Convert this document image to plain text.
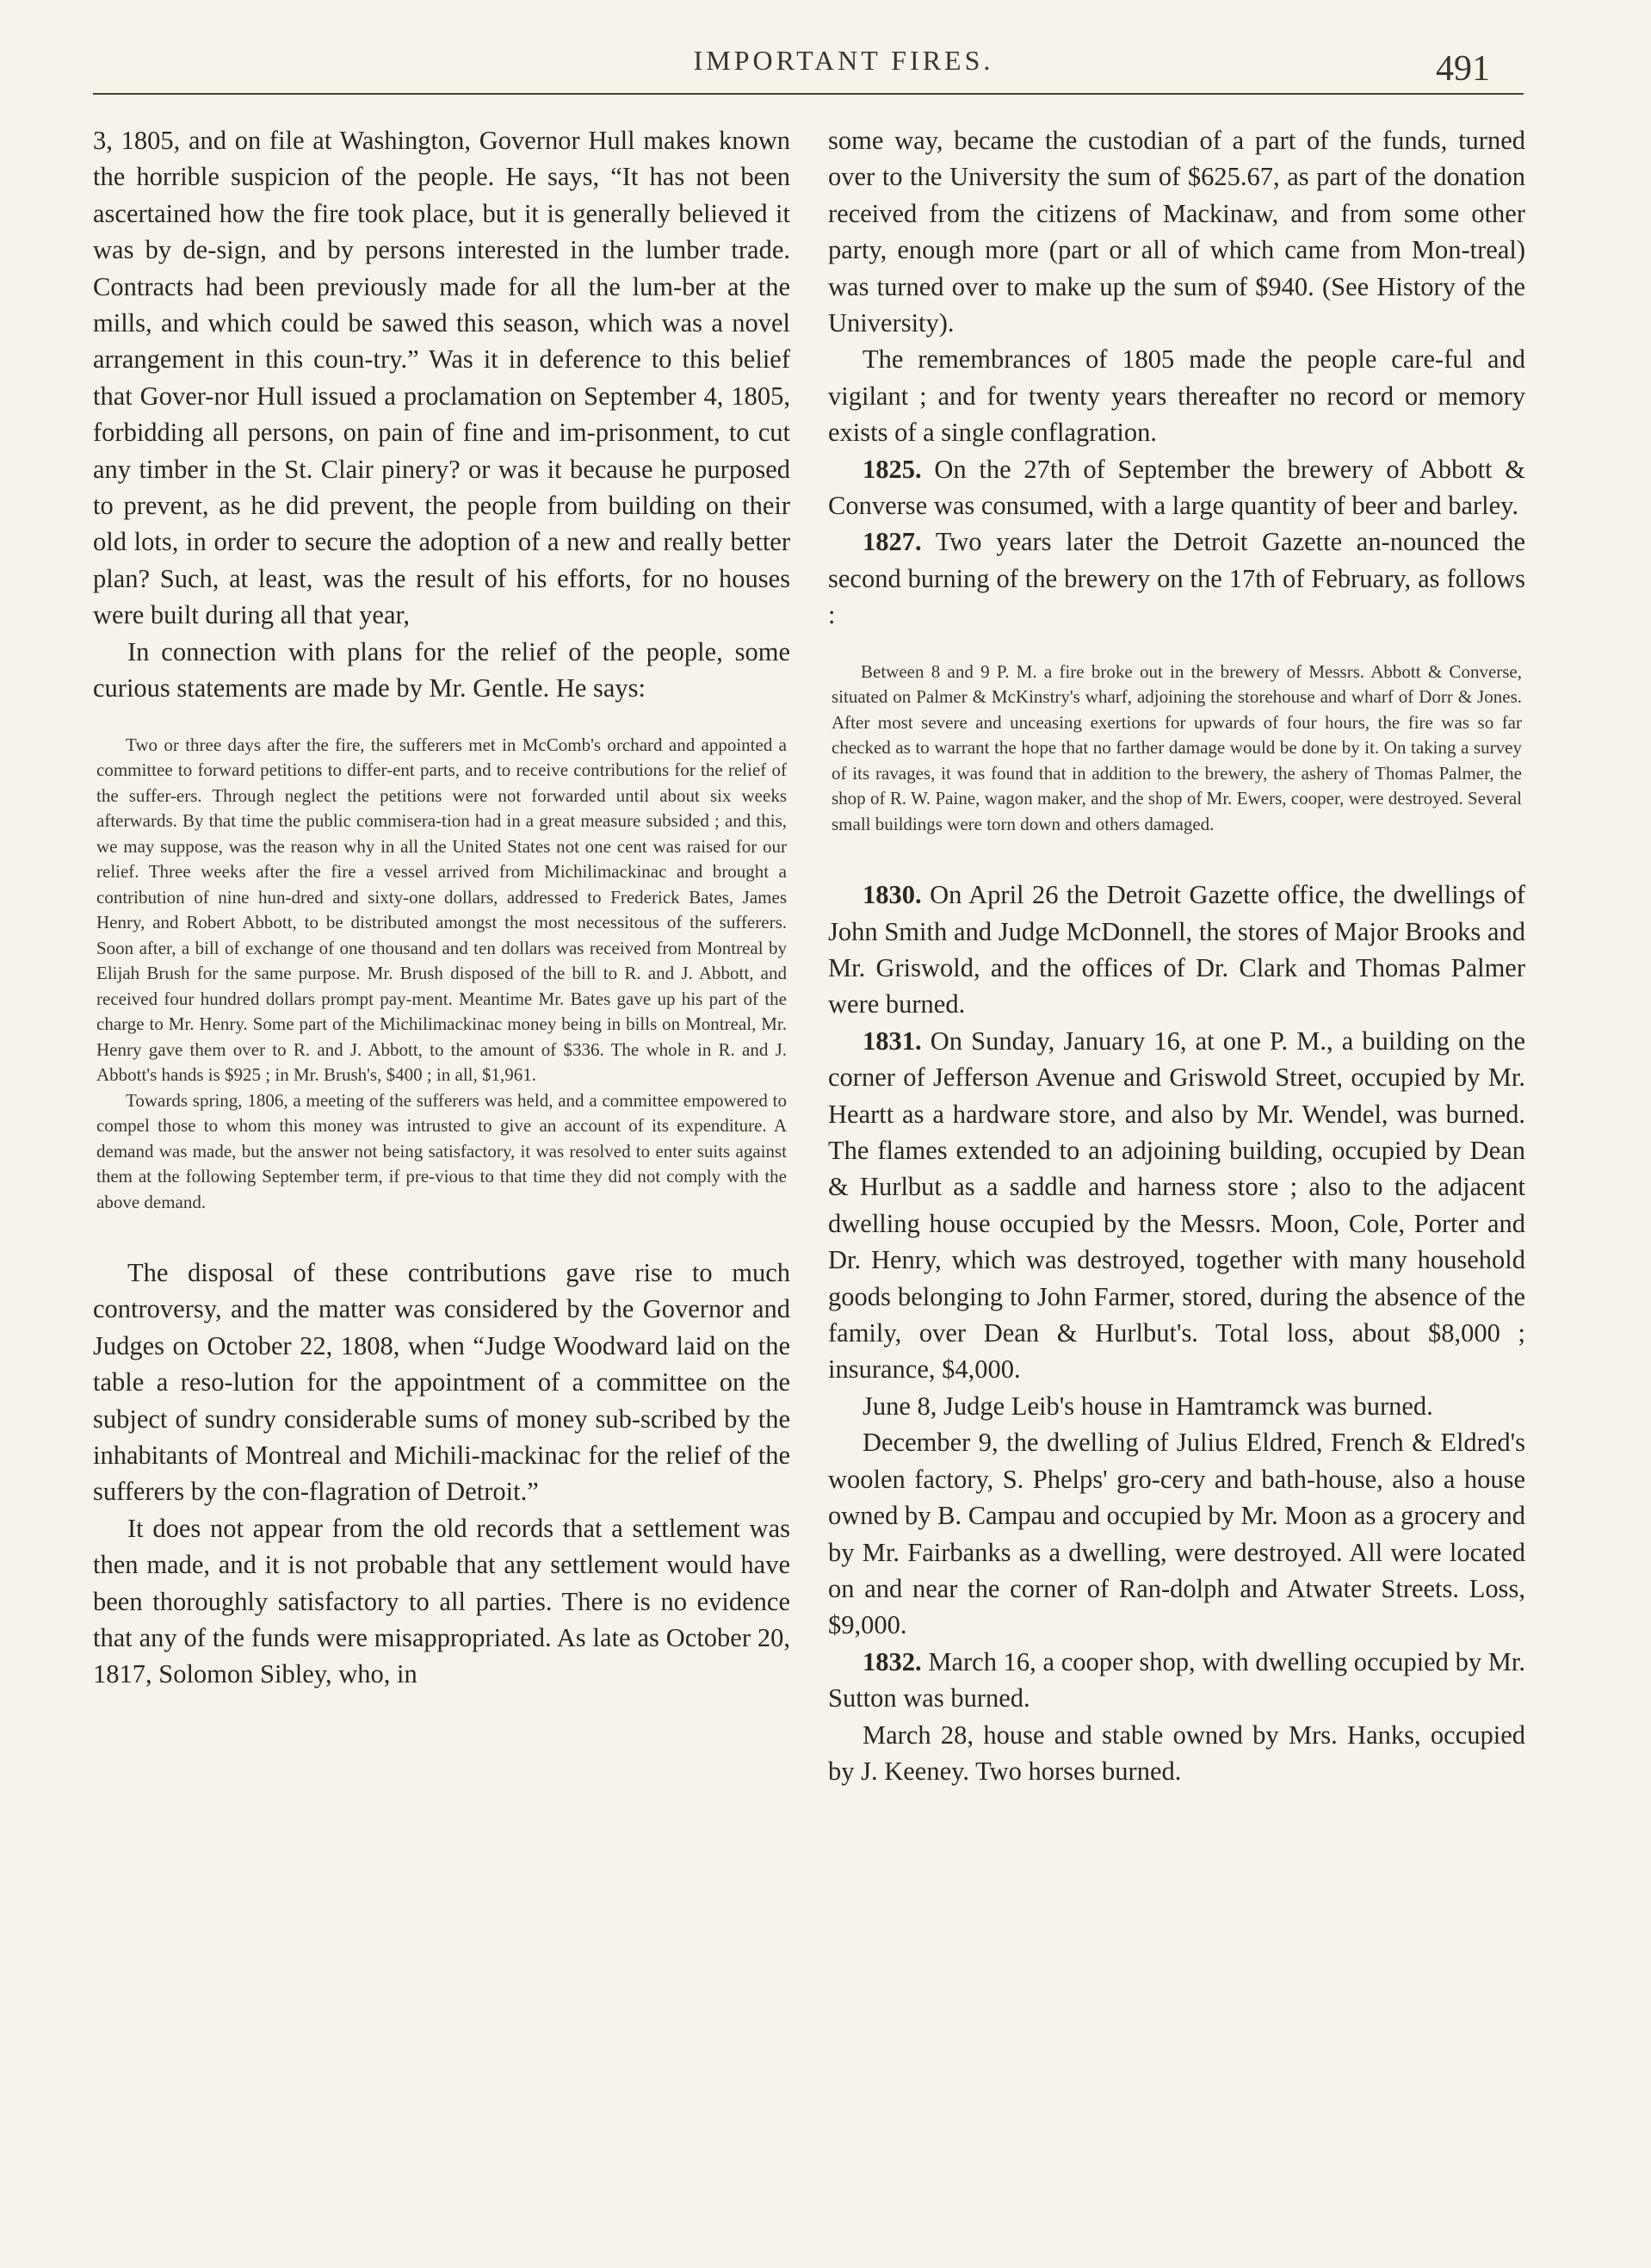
IMPORTANT FIRES.	491

3, 1805, and on file at Washington, Governor Hull makes known the horrible suspicion of the people. He says, “It has not been ascertained how the fire took place, but it is generally believed it was by de-sign, and by persons interested in the lumber trade. Contracts had been previously made for all the lum-ber at the mills, and which could be sawed this season, which was a novel arrangement in this coun-try.” Was it in deference to this belief that Gover-nor Hull issued a proclamation on September 4, 1805, forbidding all persons, on pain of fine and im-prisonment, to cut any timber in the St. Clair pinery? or was it because he purposed to prevent, as he did prevent, the people from building on their old lots, in order to secure the adoption of a new and really better plan? Such, at least, was the result of his efforts, for no houses were built during all that year,

In connection with plans for the relief of the people, some curious statements are made by Mr. Gentle. He says:

Two or three days after the fire, the sufferers met in McComb's orchard and appointed a committee to forward petitions to differ-ent parts, and to receive contributions for the relief of the suffer-ers. Through neglect the petitions were not forwarded until about six weeks afterwards. By that time the public commisera-tion had in a great measure subsided ; and this, we may suppose, was the reason why in all the United States not one cent was raised for our relief. Three weeks after the fire a vessel arrived from Michilimackinac and brought a contribution of nine hun-dred and sixty-one dollars, addressed to Frederick Bates, James Henry, and Robert Abbott, to be distributed amongst the most necessitous of the sufferers. Soon after, a bill of exchange of one thousand and ten dollars was received from Montreal by Elijah Brush for the same purpose. Mr. Brush disposed of the bill to R. and J. Abbott, and received four hundred dollars prompt pay-ment. Meantime Mr. Bates gave up his part of the charge to Mr. Henry. Some part of the Michilimackinac money being in bills on Montreal, Mr. Henry gave them over to R. and J. Abbott, to the amount of $336. The whole in R. and J. Abbott's hands is $925 ; in Mr. Brush's, $400 ; in all, $1,961.

Towards spring, 1806, a meeting of the sufferers was held, and a committee empowered to compel those to whom this money was intrusted to give an account of its expenditure. A demand was made, but the answer not being satisfactory, it was resolved to enter suits against them at the following September term, if pre-vious to that time they did not comply with the above demand.

The disposal of these contributions gave rise to much controversy, and the matter was considered by the Governor and Judges on October 22, 1808, when “Judge Woodward laid on the table a reso-lution for the appointment of a committee on the subject of sundry considerable sums of money sub-scribed by the inhabitants of Montreal and Michili-mackinac for the relief of the sufferers by the con-flagration of Detroit.”

It does not appear from the old records that a settlement was then made, and it is not probable that any settlement would have been thoroughly satisfactory to all parties. There is no evidence that any of the funds were misappropriated. As late as October 20, 1817, Solomon Sibley, who, in

some way, became the custodian of a part of the funds, turned over to the University the sum of $625.67, as part of the donation received from the citizens of Mackinaw, and from some other party, enough more (part or all of which came from Mon-treal) was turned over to make up the sum of $940. (See History of the University).

The remembrances of 1805 made the people care-ful and vigilant ; and for twenty years thereafter no record or memory exists of a single conflagration.

1825. On the 27th of September the brewery of Abbott & Converse was consumed, with a large quantity of beer and barley.

1827. Two years later the Detroit Gazette an-nounced the second burning of the brewery on the 17th of February, as follows :

Between 8 and 9 P. M. a fire broke out in the brewery of Messrs. Abbott & Converse, situated on Palmer & McKinstry's wharf, adjoining the storehouse and wharf of Dorr & Jones. After most severe and unceasing exertions for upwards of four hours, the fire was so far checked as to warrant the hope that no farther damage would be done by it. On taking a survey of its ravages, it was found that in addition to the brewery, the ashery of Thomas Palmer, the shop of R. W. Paine, wagon maker, and the shop of Mr. Ewers, cooper, were destroyed. Several small buildings were torn down and others damaged.

1830. On April 26 the Detroit Gazette office, the dwellings of John Smith and Judge McDonnell, the stores of Major Brooks and Mr. Griswold, and the offices of Dr. Clark and Thomas Palmer were burned.

1831. On Sunday, January 16, at one P. M., a building on the corner of Jefferson Avenue and Griswold Street, occupied by Mr. Heartt as a hardware store, and also by Mr. Wendel, was burned. The flames extended to an adjoining building, occupied by Dean & Hurlbut as a saddle and harness store ; also to the adjacent dwelling house occupied by the Messrs. Moon, Cole, Porter and Dr. Henry, which was destroyed, together with many household goods belonging to John Farmer, stored, during the absence of the family, over Dean & Hurlbut's. Total loss, about $8,000 ; insurance, $4,000.

June 8, Judge Leib's house in Hamtramck was burned.

December 9, the dwelling of Julius Eldred, French & Eldred's woolen factory, S. Phelps' gro-cery and bath-house, also a house owned by B. Campau and occupied by Mr. Moon as a grocery and by Mr. Fairbanks as a dwelling, were destroyed. All were located on and near the corner of Ran-dolph and Atwater Streets. Loss, $9,000.

1832. March 16, a cooper shop, with dwelling occupied by Mr. Sutton was burned.

March 28, house and stable owned by Mrs. Hanks, occupied by J. Keeney. Two horses burned.
